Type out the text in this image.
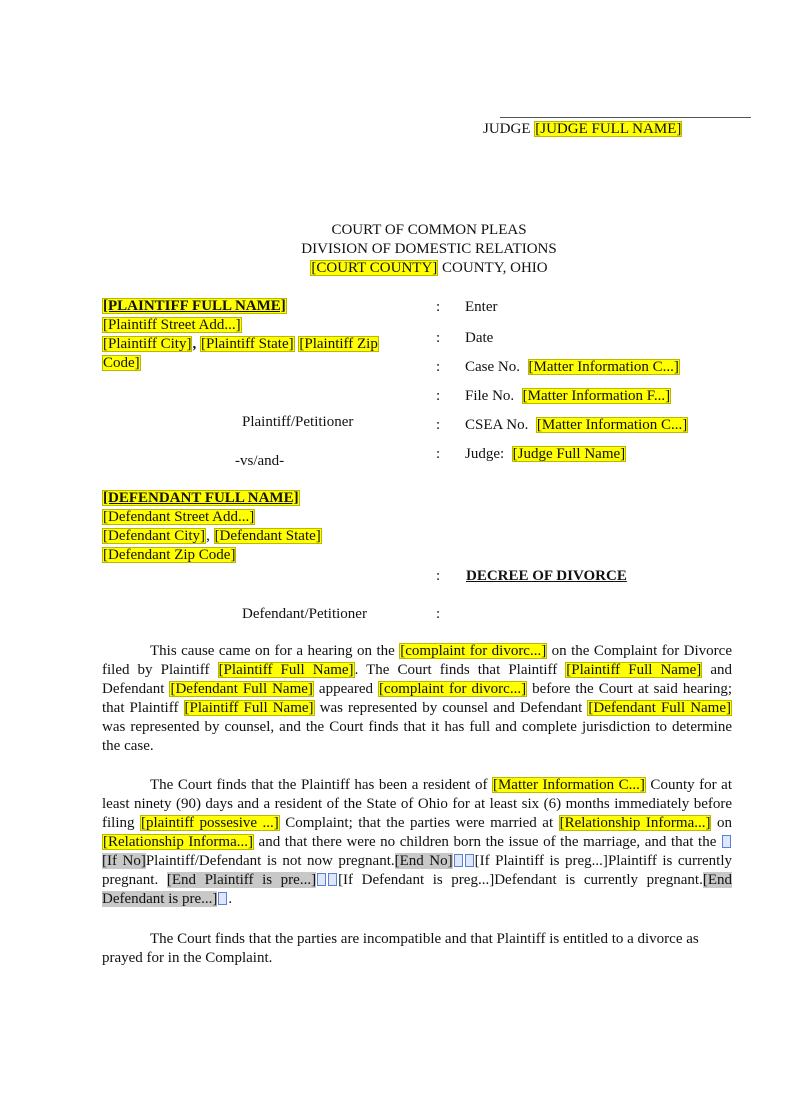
JUDGE [JUDGE FULL NAME]
COURT OF COMMON PLEAS
DIVISION OF DOMESTIC RELATIONS
[COURT COUNTY] COUNTY, OHIO
[PLAINTIFF FULL NAME]
[Plaintiff Street Add...]
[Plaintiff City], [Plaintiff State] [Plaintiff Zip
Code]
Plaintiff/Petitioner
-vs/and-
[DEFENDANT FULL NAME]
[Defendant Street Add...]
[Defendant City], [Defendant State]
[Defendant Zip Code]
Defendant/Petitioner
:
:
:
:
:
:
:
:
Enter
Date
Case No. [Matter Information C...]
File No. [Matter Information F...]
CSEA No. [Matter Information C...]
Judge: [Judge Full Name]
DECREE OF DIVORCE
This cause came on for a hearing on the [complaint for divorc...] on the Complaint for Divorce filed by Plaintiff [Plaintiff Full Name]. The Court finds that Plaintiff [Plaintiff Full Name] and Defendant [Defendant Full Name] appeared [complaint for divorc...] before the Court at said hearing; that Plaintiff [Plaintiff Full Name] was represented by counsel and Defendant [Defendant Full Name] was represented by counsel, and the Court finds that it has full and complete jurisdiction to determine the case.
The Court finds that the Plaintiff has been a resident of [Matter Information C...] County for at least ninety (90) days and a resident of the State of Ohio for at least six (6) months immediately before filing [plaintiff possesive ...] Complaint; that the parties were married at [Relationship Informa...] on [Relationship Informa...] and that there were no children born the issue of the marriage, and that the [If No]Plaintiff/Defendant is not now pregnant.[End No] [If Plaintiff is preg...]Plaintiff is currently pregnant. [End Plaintiff is pre...] [If Defendant is preg...]Defendant is currently pregnant.[End Defendant is pre...] .
The Court finds that the parties are incompatible and that Plaintiff is entitled to a divorce as prayed for in the Complaint.
